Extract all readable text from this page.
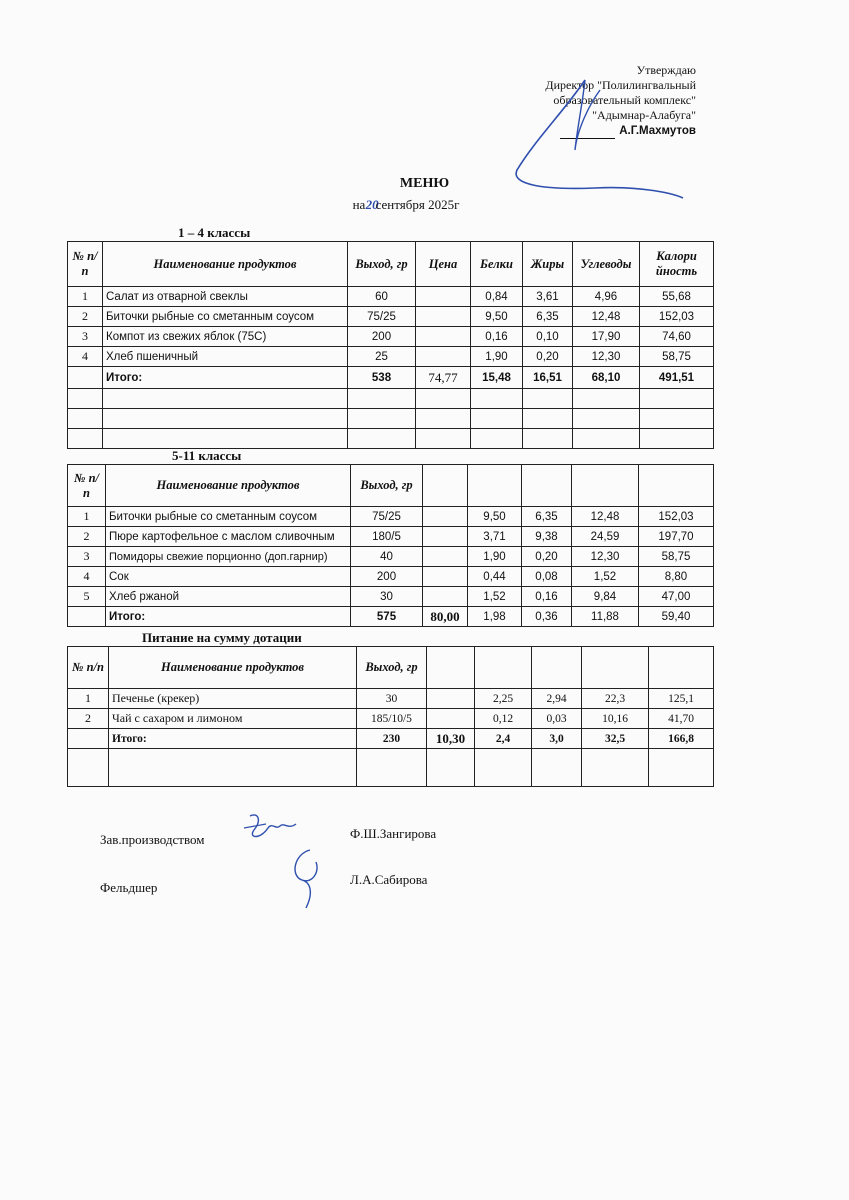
Утверждаю
Директор "Полилингвальный
образовательный комплекс"
"Адымнар-Алабуга"
А.Г.Махмутов
МЕНЮ
на 20сентября 2025г
1 – 4 классы
№ п/п	Наименование продуктов	Выход, гр	Цена	Белки	Жиры	Углеводы	Калори йность
1	Салат из отварной свеклы	60		0,84	3,61	4,96	55,68
2	Биточки рыбные со сметанным соусом	75/25		9,50	6,35	12,48	152,03
3	Компот из свежих яблок (75С)	200		0,16	0,10	17,90	74,60
4	Хлеб пшеничный	25		1,90	0,20	12,30	58,75
	Итого:	538	74,77	15,48	16,51	68,10	491,51

5-11 классы
№ п/п	Наименование продуктов	Выход, гр					
1	Биточки рыбные со сметанным соусом	75/25		9,50	6,35	12,48	152,03
2	Пюре картофельное с маслом сливочным	180/5		3,71	9,38	24,59	197,70
3	Помидоры свежие порционно (доп.гарнир)	40		1,90	0,20	12,30	58,75
4	Сок	200		0,44	0,08	1,52	8,80
5	Хлеб ржаной	30		1,52	0,16	9,84	47,00
	Итого:	575	80,00	1,98	0,36	11,88	59,40
Питание на сумму дотации
№ п/п	Наименование продуктов	Выход, гр					
1	Печенье (крекер)	30		2,25	2,94	22,3	125,1
2	Чай с сахаром и лимоном	185/10/5		0,12	0,03	10,16	41,70
	Итого:	230	10,30	2,4	3,0	32,5	166,8

Зав.производством	Ф.Ш.Зангирова
Фельдшер
Л.А.Сабирова
